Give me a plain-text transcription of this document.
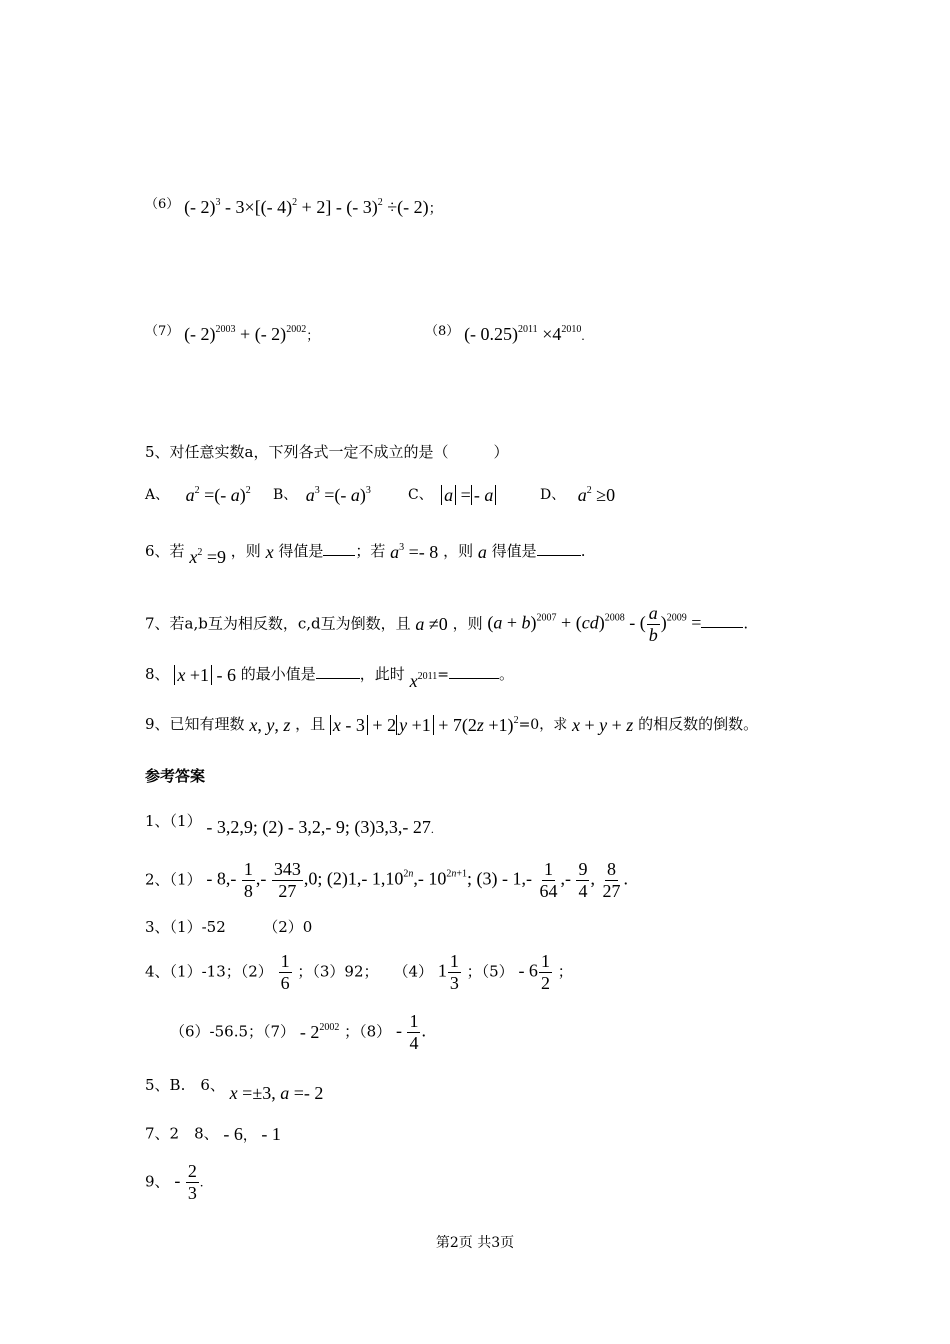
（6） (- 2)$^3$ - 3×[(- 4)$^2$ + 2] - (- 3)$^2$ ÷(- 2)；
（7） (- 2)$^{2003}$ + (- 2)$^{2002}$；	（8） (- $0.25)^{2011} \times 4^{2010}$.
5、对任意实数a，下列各式一定不成立的是（　　　）
A、 $a^2$ =(- a)$^2$ B、 $a^3$ =(- a)$^3$	C、 a = - a	D、 $a^2 \ge 0$
6、若 $x^2 =9$ ，则 x 得值是 ；若 $a^3 =- 8$ ，则 a 得值是	.
7、若a,b互为相反数，c,d互为倒数，且 a ≠0 ，则 $(a + b)^{2007} + (cd)^{2008}$ - ( $\frac{a}{b} )^{2009}$ =	.
8、 x +1 - 6 的最小值是	，此时 $x^{2011}=$	。
9、已知有理数 x, y, z ，且 x - 3 + 2 $y +1 + 7(2z +1)^2=0$，求 x + y + z 的相反数的倒数。
参考答案
1、（1） - 3,2,9; (2) - 3,2,- 9; (3)3,3,- 27.
2、$(1) - 8,- \frac{1}{8}$ ,- $\frac{343}{27} ,0$; (2)1,- $1,10^{2n},-$ $10^{2n+1}$; $(3) - 1,- \frac{1}{64}$ ,- $\frac{9}{4}$ , $\frac{8}{27}$ .
3、（1）-52　　　（2）0
4、（1）-13；$(2) \frac{1}{6}$ ；（3）92；　　（4） $1 \frac{1}{3}$ ；$(5) - 6 \frac{1}{2}$ ；
（6）-56.5；$(7) - 2^{2002}$ ；$(8) - \frac{1}{4}$ .
5、B.　6、 x =±3, a =- 2
7、2　8、 - 6， - 1
9、 - $\frac{2}{3}$ .
第2页 共3页
